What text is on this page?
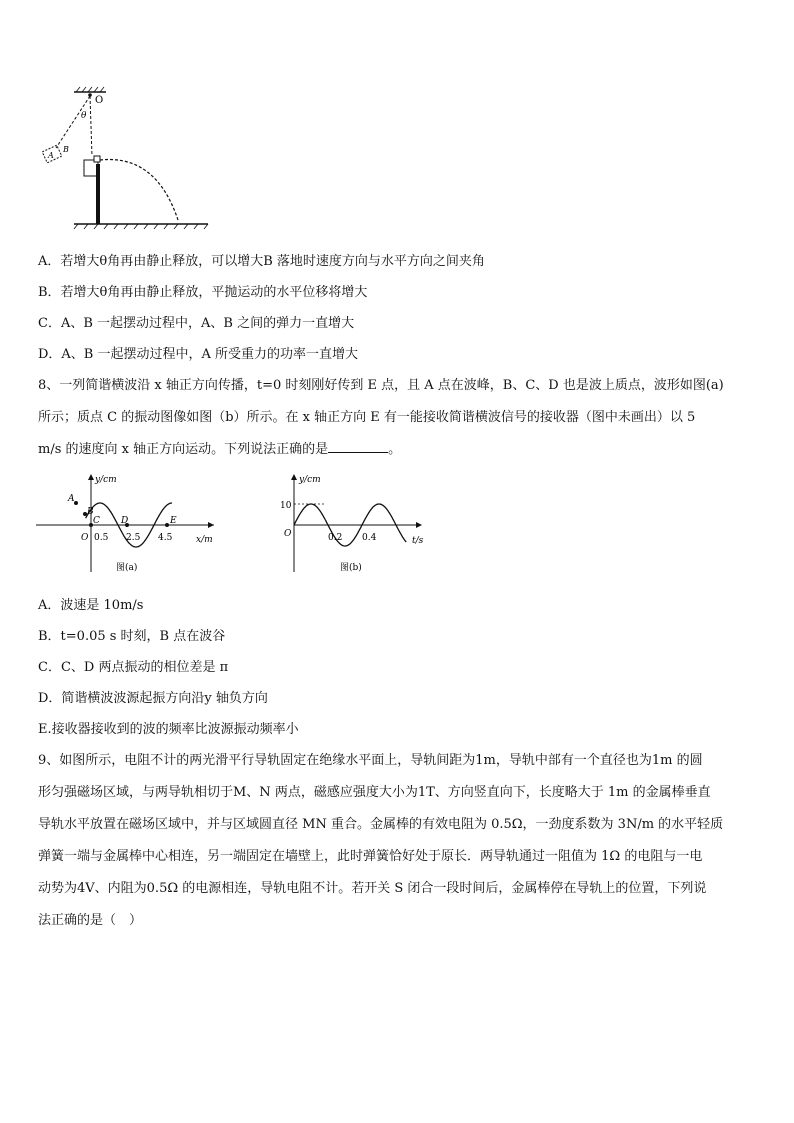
O
θ
A
B
A．若增大θ角再由静止释放，可以增大B 落地时速度方向与水平方向之间夹角
B．若增大θ角再由静止释放，平抛运动的水平位移将增大
C．A、B 一起摆动过程中，A、B 之间的弹力一直增大
D．A、B 一起摆动过程中，A 所受重力的功率一直增大
8、一列简谐横波沿 x 轴正方向传播，t=0 时刻刚好传到 E 点，且 A 点在波峰，B、C、D 也是波上质点，波形如图(a)
所示；质点 C 的振动图像如图（b）所示。在 x 轴正方向 E 有一能接收简谐横波信号的接收器（图中未画出）以 5
m/s 的速度向 x 轴正方向运动。下列说法正确的是	。
y/cm
x/m
O 0.5 2.5 4.5
A
B
C D	E
图(a)
y/cm
t/s
O
10
0.2 0.4
图(b)
A．波速是 10m/s
B．t=0.05 s 时刻，B 点在波谷
C．C、D 两点振动的相位差是 π
D．简谐横波波源起振方向沿y 轴负方向
E.接收器接收到的波的频率比波源振动频率小
9、如图所示，电阻不计的两光滑平行导轨固定在绝缘水平面上，导轨间距为1m，导轨中部有一个直径也为1m 的圆
形匀强磁场区域，与两导轨相切于M、N 两点，磁感应强度大小为1T、方向竖直向下，长度略大于 1m 的金属棒垂直
导轨水平放置在磁场区域中，并与区域圆直径 MN 重合。金属棒的有效电阻为 0.5Ω，一劲度系数为 3N/m 的水平轻质
弹簧一端与金属棒中心相连，另一端固定在墙壁上，此时弹簧恰好处于原长．两导轨通过一阻值为 1Ω 的电阻与一电
动势为4V、内阻为0.5Ω 的电源相连，导轨电阻不计。若开关 S 闭合一段时间后，金属棒停在导轨上的位置，下列说
法正确的是（　）
